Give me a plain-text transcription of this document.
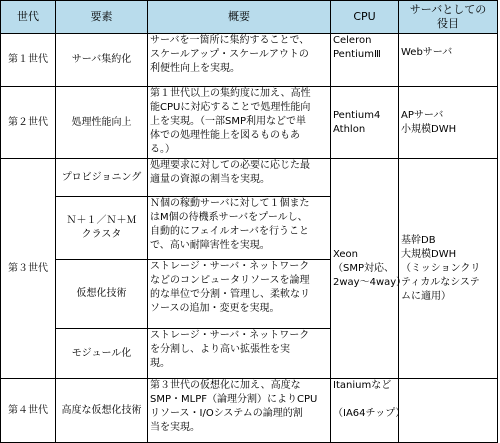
世代	要素	概要	CPU	サーバとしての
役目

第１世代	サーバ集約化	サーバを一箇所に集約することで、
スケールアップ・スケールアウトの
利便性向上を実現。	Celeron
PentiumⅢ	Webサーバ

第２世代	処理性能向上	第１世代以上の集約度に加え、高性
能CPUに対応することで処理性能向
上を実現。（一部SMP利用などで単
体での処理性能上を図るものもあ
る。）	Pentium4
Athlon	APサーバ
小規模DWH

第３世代	プロビジョニング	処理要求に対しての必要に応じた最
適量の資源の割当を実現。	Xeon
（SMP対応、
2way〜4way）	基幹DB
大規模DWH
（ミッションクリ
ティカルなシステ
ムに適用）

	Ｎ＋１／Ｎ＋Ｍ
クラスタ	Ｎ個の稼動サーバに対して１個また
はM個の待機系サーバをプールし、
自動的にフェイルオーバを行うこと
で、高い耐障害性を実現。		

	仮想化技術	ストレージ・サーバ・ネットワーク
などのコンピュータリソースを論理
的な単位で分割・管理し、柔軟なリ
ソースの追加・変更を実現。		

	モジュール化	ストレージ・サーバ・ネットワーク
を分割し、より高い拡張性を実
現。		

第４世代	高度な仮想化技術	第３世代の仮想化に加え、高度な
SMP・MLPF（論理分割）によりCPU
リソース・I/Oシステムの論理的割
当を実現。	Itaniumなど

（IA64チップ）	
